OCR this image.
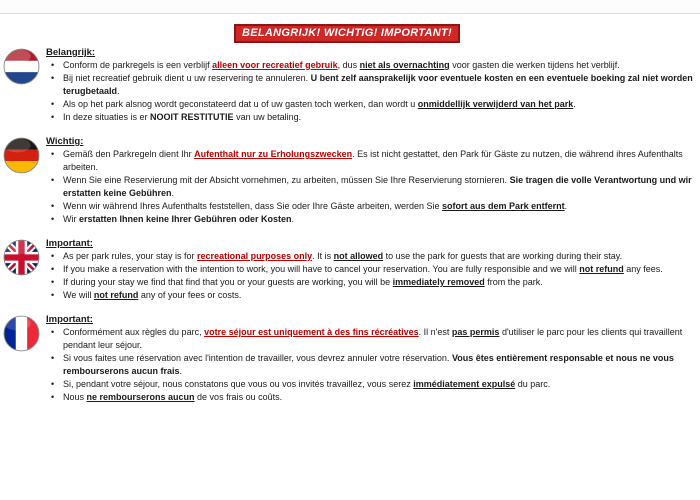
BELANGRIJK! WICHTIG! IMPORTANT!
Belangrijk:
• Conform de parkregels is een verblijf alleen voor recreatief gebruik, dus niet als overnachting voor gasten die werken tijdens het verblijf.
• Bij niet recreatief gebruik dient u uw reservering te annuleren. U bent zelf aansprakelijk voor eventuele kosten en een eventuele boeking zal niet worden terugbetaald.
• Als op het park alsnog wordt geconstateerd dat u of uw gasten toch werken, dan wordt u onmiddellijk verwijderd van het park.
• In deze situaties is er NOOIT RESTITUTIE van uw betaling.
Wichtig:
• Gemäß den Parkregeln dient Ihr Aufenthalt nur zu Erholungszwecken. Es ist nicht gestattet, den Park für Gäste zu nutzen, die während ihres Aufenthalts arbeiten.
• Wenn Sie eine Reservierung mit der Absicht vornehmen, zu arbeiten, müssen Sie Ihre Reservierung stornieren. Sie tragen die volle Verantwortung und wir erstatten keine Gebühren.
• Wenn wir während Ihres Aufenthalts feststellen, dass Sie oder Ihre Gäste arbeiten, werden Sie sofort aus dem Park entfernt.
• Wir erstatten Ihnen keine Ihrer Gebühren oder Kosten.
Important:
• As per park rules, your stay is for recreational purposes only. It is not allowed to use the park for guests that are working during their stay.
• If you make a reservation with the intention to work, you will have to cancel your reservation. You are fully responsible and we will not refund any fees.
• If during your stay we find that find that you or your guests are working, you will be immediately removed from the park.
• We will not refund any of your fees or costs.
Important:
• Conformément aux règles du parc, votre séjour est uniquement à des fins récréatives. Il n'est pas permis d'utiliser le parc pour les clients qui travaillent pendant leur séjour.
• Si vous faites une réservation avec l'intention de travailler, vous devrez annuler votre réservation. Vous êtes entièrement responsable et nous ne vous rembourserons aucun frais.
• Si, pendant votre séjour, nous constatons que vous ou vos invités travaillez, vous serez immédiatement expulsé du parc.
• Nous ne rembourserons aucun de vos frais ou coûts.
